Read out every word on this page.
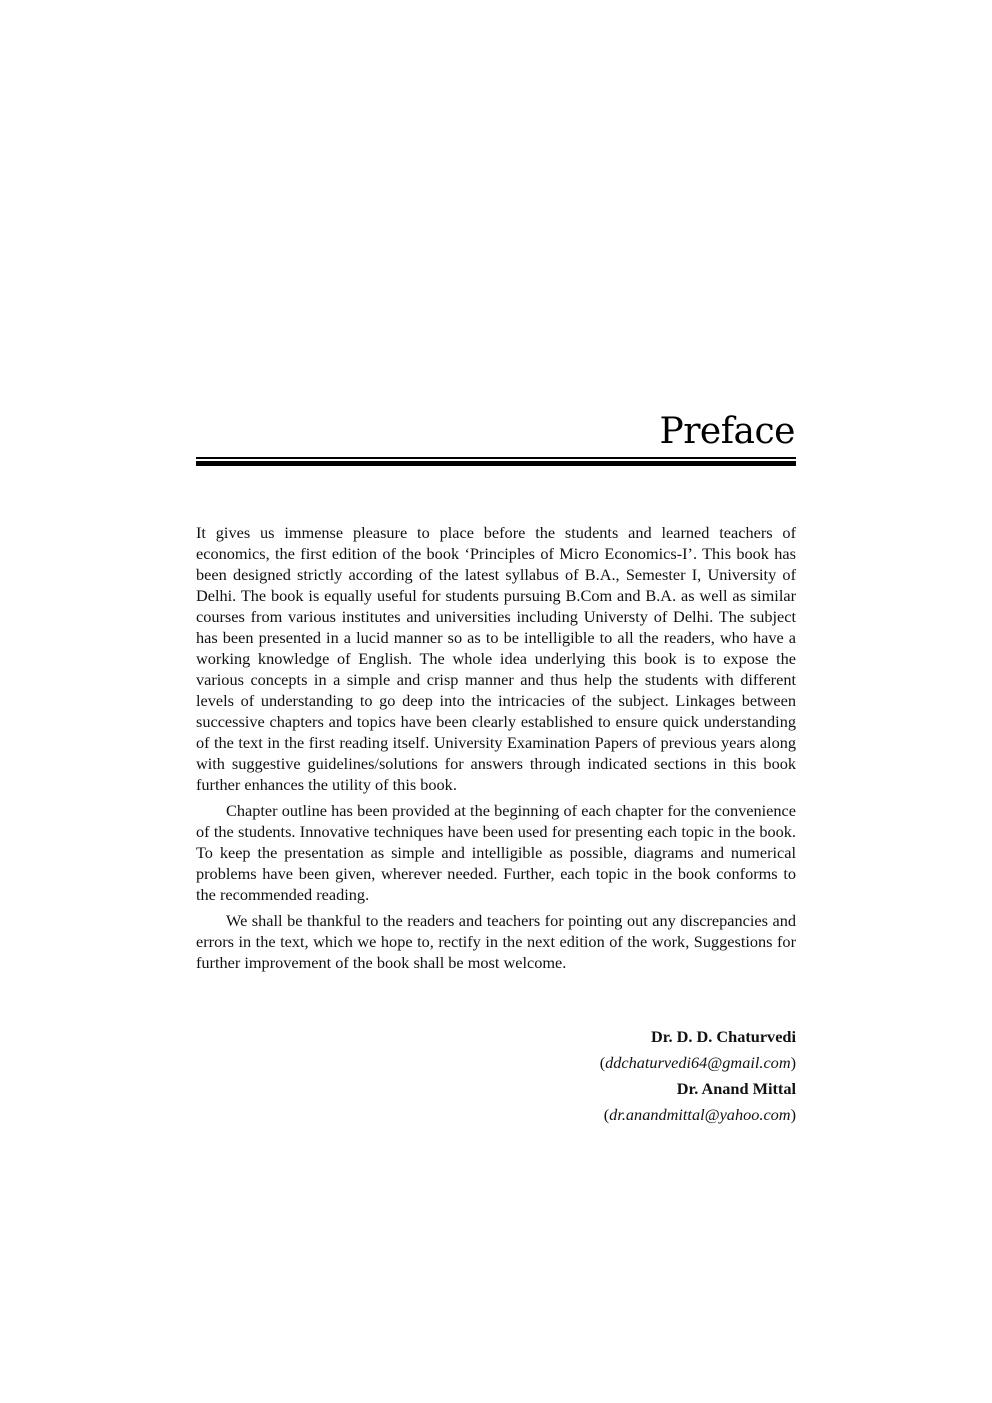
Preface

It gives us immense pleasure to place before the students and learned teachers of economics, the first edition of the book ‘Principles of Micro Economics-I’. This book has been designed strictly according of the latest syllabus of B.A., Semester I, University of Delhi. The book is equally useful for students pursuing B.Com and B.A. as well as similar courses from various institutes and universities including Universty of Delhi. The subject has been presented in a lucid manner so as to be intelligible to all the readers, who have a working knowledge of English. The whole idea underlying this book is to expose the various concepts in a simple and crisp manner and thus help the students with different levels of understanding to go deep into the intricacies of the subject. Linkages between successive chapters and topics have been clearly established to ensure quick understanding of the text in the first reading itself. University Examination Papers of previous years along with suggestive guidelines/solutions for answers through indicated sections in this book further enhances the utility of this book.

Chapter outline has been provided at the beginning of each chapter for the convenience of the students. Innovative techniques have been used for presenting each topic in the book. To keep the presentation as simple and intelligible as possible, diagrams and numerical problems have been given, wherever needed. Further, each topic in the book conforms to the recommended reading.

We shall be thankful to the readers and teachers for pointing out any discrepancies and errors in the text, which we hope to, rectify in the next edition of the work, Suggestions for further improvement of the book shall be most welcome.

Dr. D. D. Chaturvedi
(ddchaturvedi64@gmail.com)
Dr. Anand Mittal
(dr.anandmittal@yahoo.com)
